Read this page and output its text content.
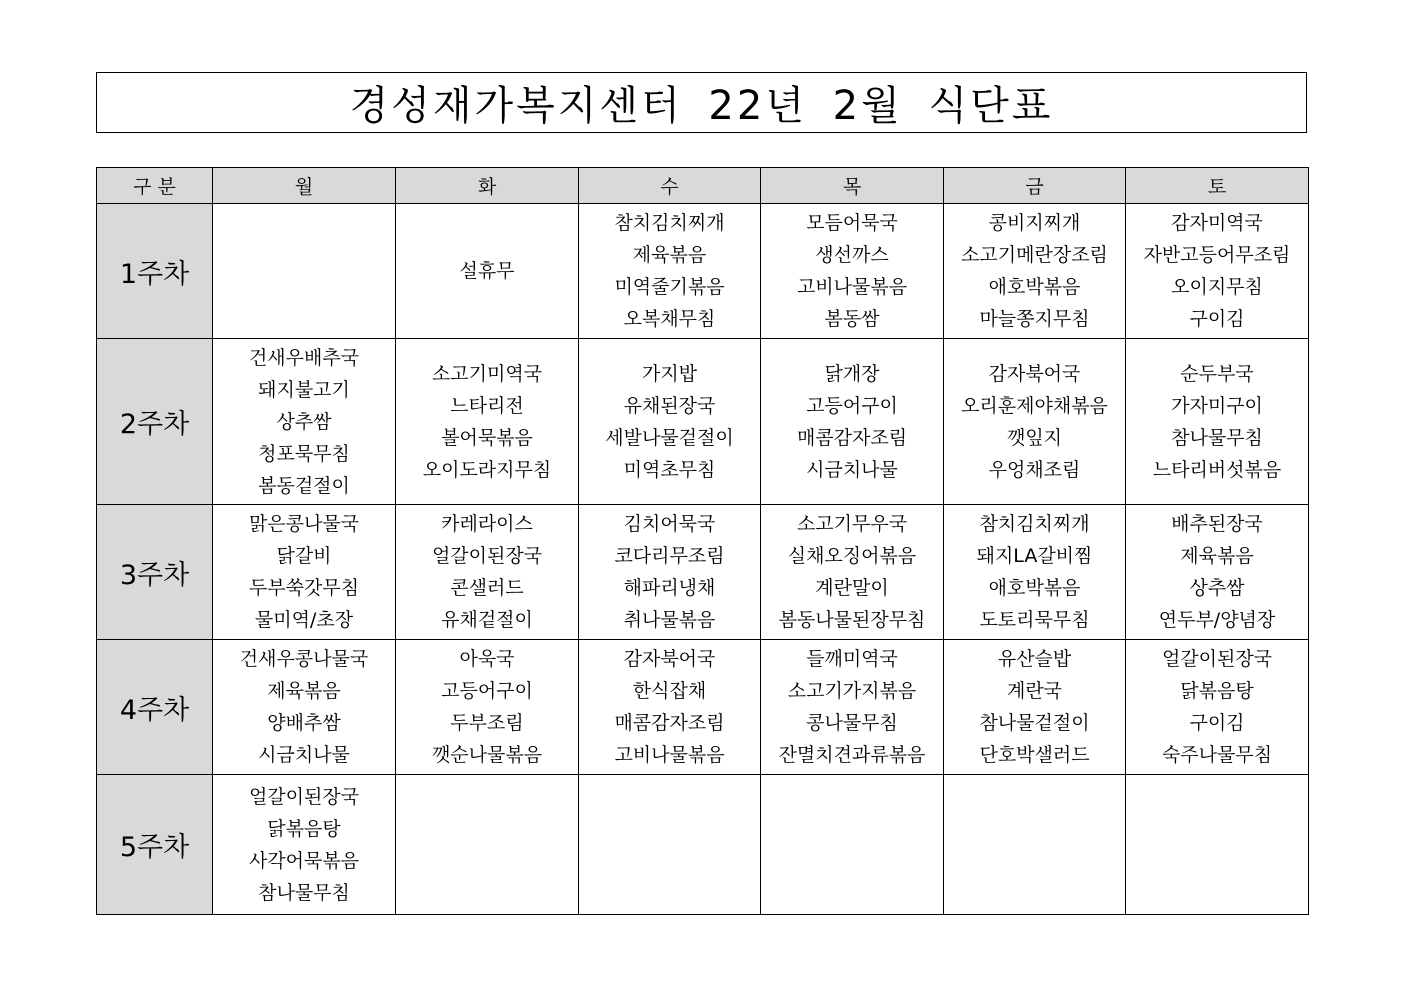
경성재가복지센터 22년 2월 식단표
구 분	월	화	수	목	금	토
1주차		설휴무	참치김치찌개
제육볶음
미역줄기볶음
오복채무침	모듬어묵국
생선까스
고비나물볶음
봄동쌈	콩비지찌개
소고기메란장조림
애호박볶음
마늘쫑지무침	감자미역국
자반고등어무조림
오이지무침
구이김

2주차	건새우배추국
돼지불고기
상추쌈
청포묵무침
봄동겉절이	소고기미역국
느타리전
볼어묵볶음
오이도라지무침	가지밥
유채된장국
세발나물겉절이
미역초무침	닭개장
고등어구이
매콤감자조림
시금치나물	감자북어국
오리훈제야채볶음
깻잎지
우엉채조림	순두부국
가자미구이
참나물무침
느타리버섯볶음

3주차	맑은콩나물국
닭갈비
두부쑥갓무침
물미역/초장	카레라이스
얼갈이된장국
콘샐러드
유채겉절이	김치어묵국
코다리무조림
해파리냉채
취나물볶음	소고기무우국
실채오징어볶음
계란말이
봄동나물된장무침	참치김치찌개
돼지LA갈비찜
애호박볶음
도토리묵무침	배추된장국
제육볶음
상추쌈
연두부/양념장

4주차	건새우콩나물국
제육볶음
양배추쌈
시금치나물	아욱국
고등어구이
두부조림
깻순나물볶음	감자북어국
한식잡채
매콤감자조림
고비나물볶음	들깨미역국
소고기가지볶음
콩나물무침
잔멸치견과류볶음	유산슬밥
계란국
참나물겉절이
단호박샐러드	얼갈이된장국
닭볶음탕
구이김
숙주나물무침

5주차	얼갈이된장국
닭볶음탕
사각어묵볶음
참나물무침					
